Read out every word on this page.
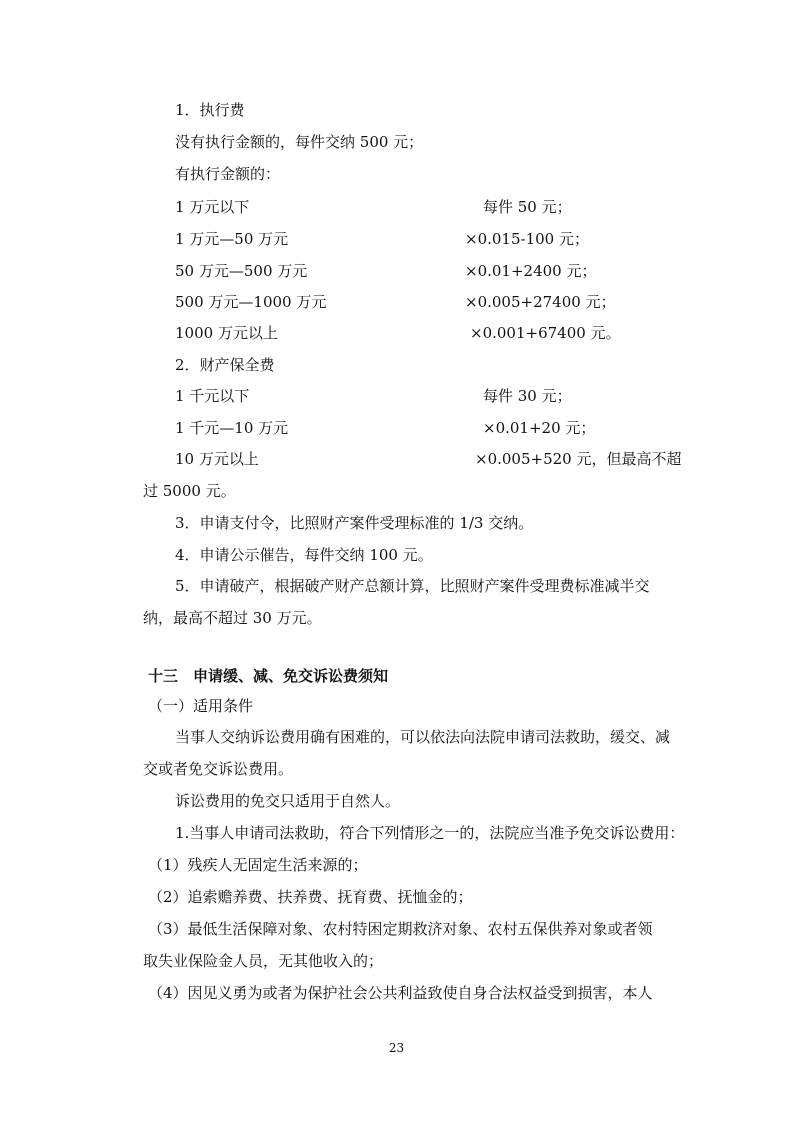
1．执行费
没有执行金额的，每件交纳 500 元；
有执行金额的：
1 万元以下	每件 50 元；
1 万元—50 万元	×0.015-100 元；
50 万元—500 万元	×0.01+2400 元；
500 万元—1000 万元	×0.005+27400 元；
1000 万元以上	×0.001+67400 元。
2．财产保全费
1 千元以下	每件 30 元；
1 千元—10 万元	×0.01+20 元；
10 万元以上	×0.005+520 元，但最高不超
过 5000 元。
3．申请支付令，比照财产案件受理标准的 1/3 交纳。
4．申请公示催告，每件交纳 100 元。
5．申请破产，根据破产财产总额计算，比照财产案件受理费标准减半交
纳，最高不超过 30 万元。
十三　申请缓、减、免交诉讼费须知
（一）适用条件
当事人交纳诉讼费用确有困难的，可以依法向法院申请司法救助，缓交、减
交或者免交诉讼费用。
诉讼费用的免交只适用于自然人。
1.当事人申请司法救助，符合下列情形之一的，法院应当准予免交诉讼费用：
（1）残疾人无固定生活来源的；
（2）追索赡养费、扶养费、抚育费、抚恤金的；
（3）最低生活保障对象、农村特困定期救济对象、农村五保供养对象或者领
取失业保险金人员，无其他收入的；
（4）因见义勇为或者为保护社会公共利益致使自身合法权益受到损害，本人
23
